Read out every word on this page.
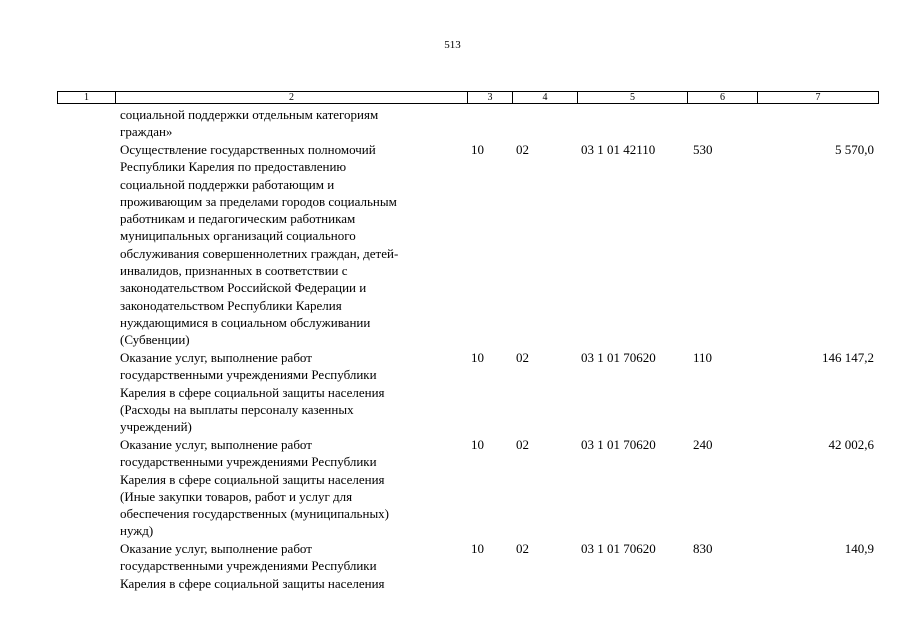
513
1	2	3	4	5	6	7
социальной поддержки отдельным категориям
граждан»
Осуществление государственных полномочий
Республики Карелия по предоставлению
социальной поддержки работающим и
проживающим за пределами городов социальным
работникам и педагогическим работникам
муниципальных организаций социального
обслуживания совершеннолетних граждан, детей-
инвалидов, признанных в соответствии с
законодательством Российской Федерации и
законодательством Республики Карелия
нуждающимися в социальном обслуживании
(Субвенции)
10 02	03 1 01 42110	530	5 570,0
Оказание услуг, выполнение работ
государственными учреждениями Республики
Карелия в сфере социальной защиты населения
(Расходы на выплаты персоналу казенных
учреждений)
10 02	03 1 01 70620	110	146 147,2
Оказание услуг, выполнение работ
государственными учреждениями Республики
Карелия в сфере социальной защиты населения
(Иные закупки товаров, работ и услуг для
обеспечения государственных (муниципальных)
нужд)
10 02	03 1 01 70620	240	42 002,6
Оказание услуг, выполнение работ
государственными учреждениями Республики
Карелия в сфере социальной защиты населения
10 02	03 1 01 70620	830	140,9
